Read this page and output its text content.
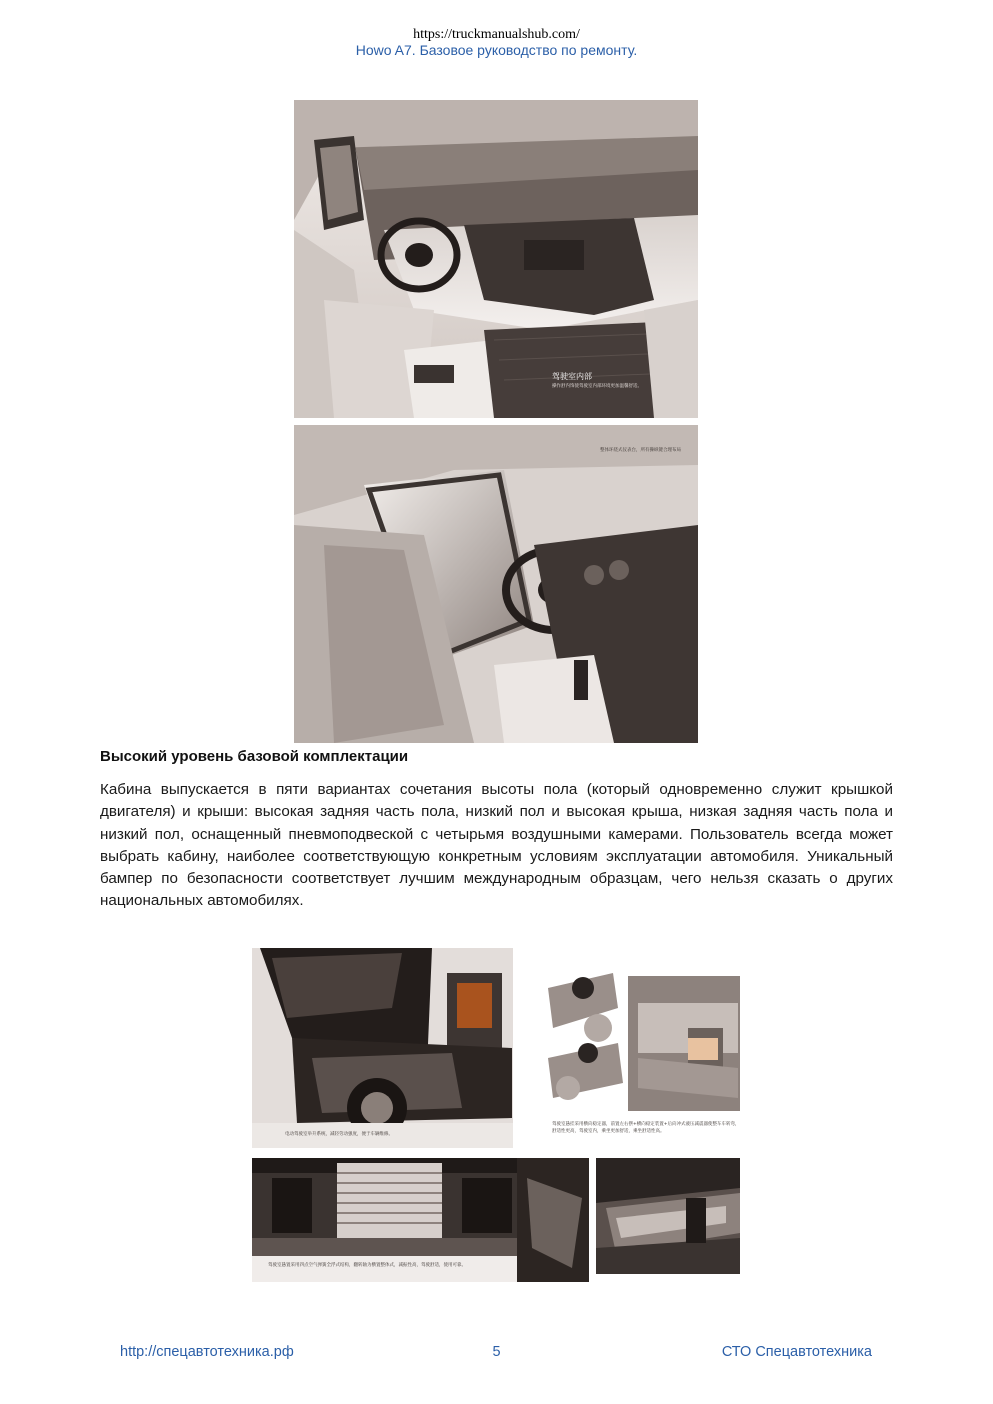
https://truckmanualshub.com/
Howo A7. Базовое руководство по ремонту.
驾驶室内部
操作舒内饰使驾驶室内部环境更加温馨舒适。
整体环绕式仪表台，所有操纵键合理布局
Высокий уровень базовой комплектации
Кабина выпускается в пяти вариантах сочетания высоты пола (который одновременно служит крышкой двигателя) и крыши: высокая задняя часть пола, низкий пол и высокая крыша, низкая задняя часть пола и низкий пол, оснащенный пневмоподвеской с четырьмя воздушными камерами. Пользователь всегда может выбрать кабину, наиболее соответствующую конкретным условиям эксплуатации автомобиля. Уникальный бампер по безопасности соответствует лучшим международным образцам, чего нельзя сказать о других национальных автомобилях.
电动驾驶室举升系统，减轻劳动强度，便于车辆维修。
驾驶室悬挂采用横向稳定器，前置左右摆+横向稳定装置+后向冲式液压减震器使整车车转弯，舒适性更高，驾驶室内，乘坐更加舒适，乘坐舒适性高。
驾驶室悬置采用四点空气弹簧全浮式结构，翻转轴为横置整体式，减振性高，驾驶舒适，使用可靠。
http://спецавтотехника.рф	5	СТО Спецавтотехника
